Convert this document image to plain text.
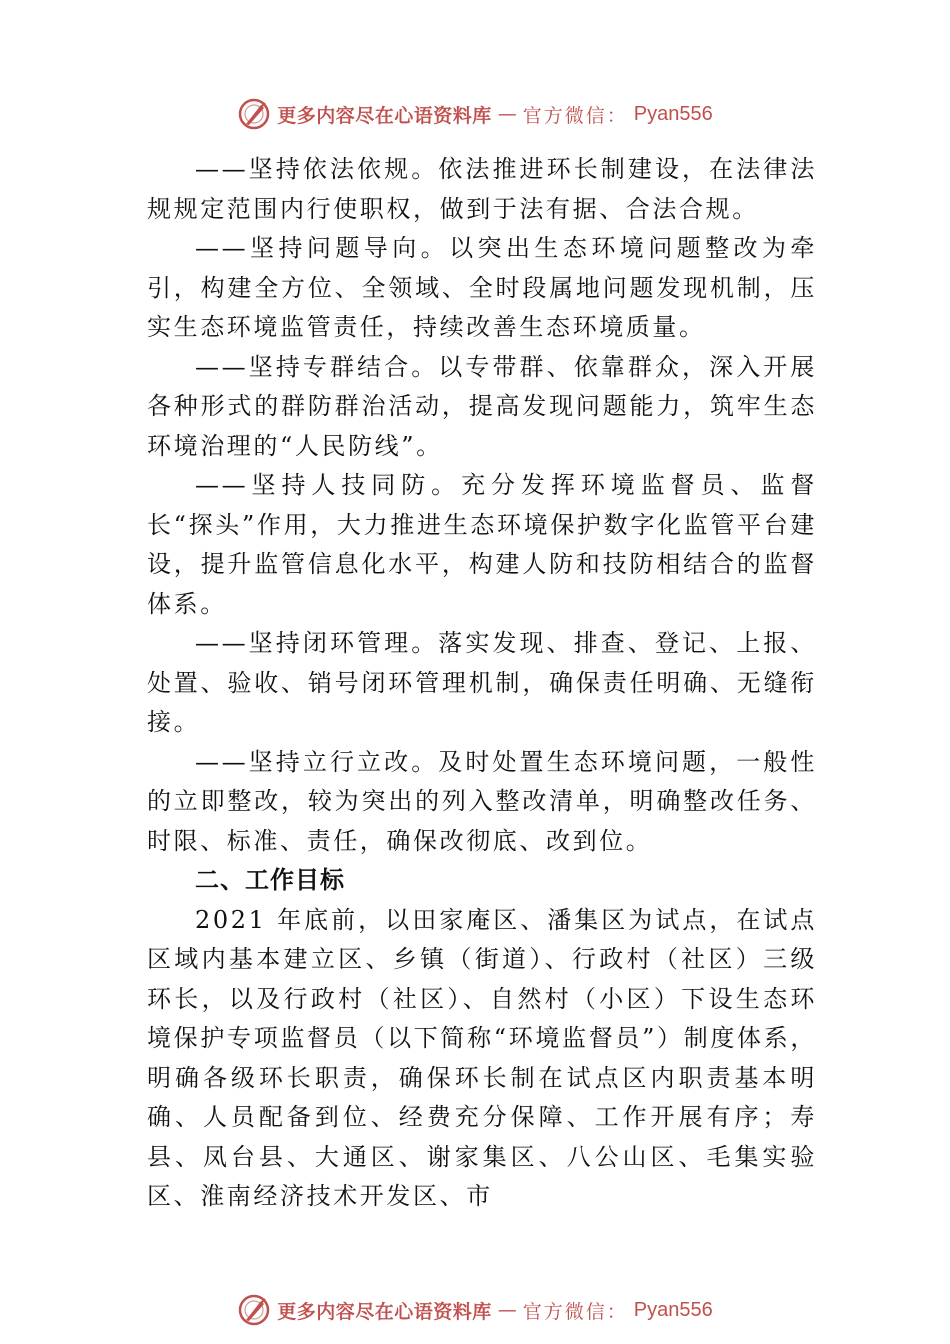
更多内容尽在心语资料库 — 官方微信： Pyan556

——坚持依法依规。依法推进环长制建设，在法律法规规定范围内行使职权，做到于法有据、合法合规。

——坚持问题导向。以突出生态环境问题整改为牵引，构建全方位、全领域、全时段属地问题发现机制，压实生态环境监管责任，持续改善生态环境质量。

——坚持专群结合。以专带群、依靠群众，深入开展各种形式的群防群治活动，提高发现问题能力，筑牢生态环境治理的“人民防线”。

——坚持人技同防。充分发挥环境监督员、监督长“探头”作用，大力推进生态环境保护数字化监管平台建设，提升监管信息化水平，构建人防和技防相结合的监督体系。

——坚持闭环管理。落实发现、排查、登记、上报、处置、验收、销号闭环管理机制，确保责任明确、无缝衔接。

——坚持立行立改。及时处置生态环境问题，一般性的立即整改，较为突出的列入整改清单，明确整改任务、时限、标准、责任，确保改彻底、改到位。

二、工作目标

2021 年底前，以田家庵区、潘集区为试点，在试点区域内基本建立区、乡镇（街道）、行政村（社区）三级环长，以及行政村（社区）、自然村（小区）下设生态环境保护专项监督员（以下简称“环境监督员”）制度体系，明确各级环长职责，确保环长制在试点区内职责基本明确、人员配备到位、经费充分保障、工作开展有序；寿县、凤台县、大通区、谢家集区、八公山区、毛集实验区、淮南经济技术开发区、市

更多内容尽在心语资料库 — 官方微信： Pyan556
